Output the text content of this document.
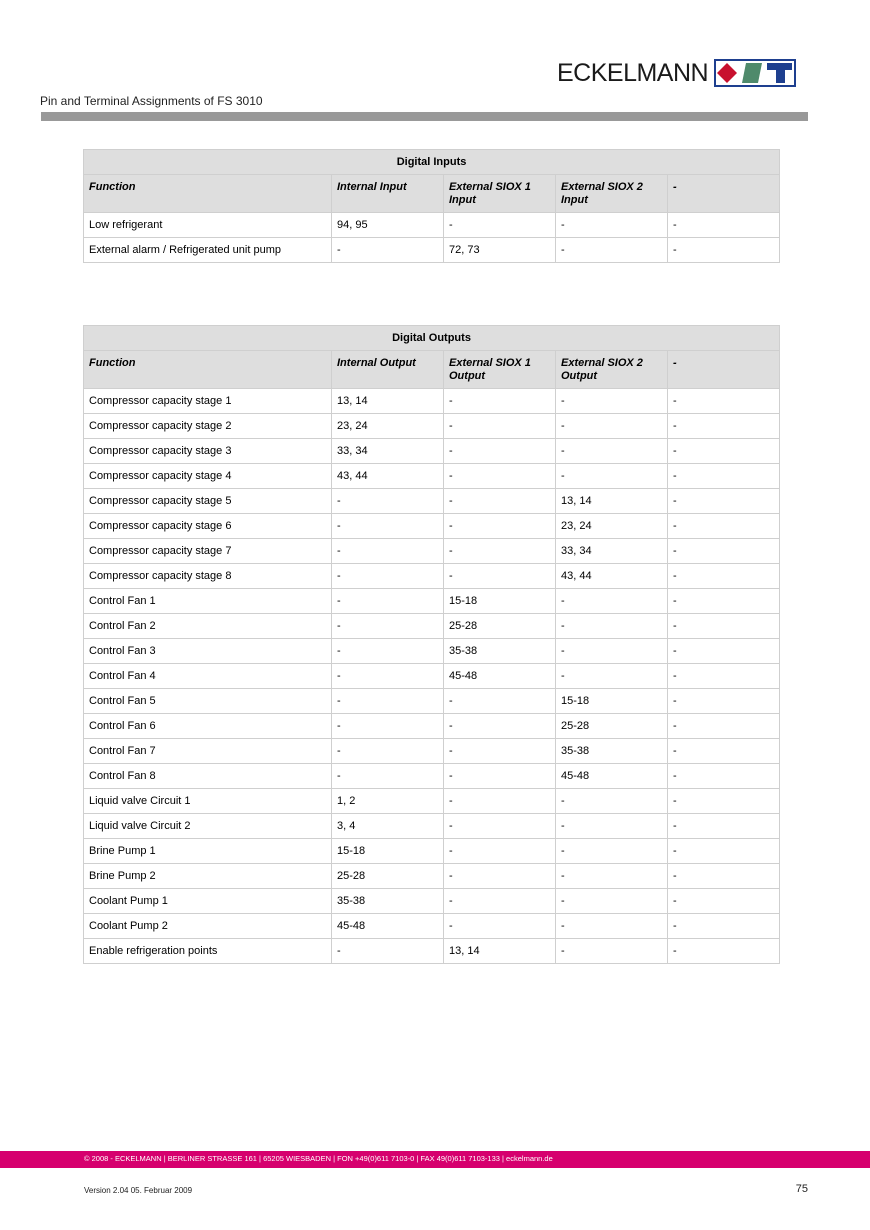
ECKELMANN
Pin and Terminal Assignments of FS 3010
Digital Inputs				
Function	Internal Input	External SIOX 1 Input	External SIOX 2 Input	-
Low refrigerant	94, 95	-	-	-
External alarm / Refrigerated unit pump	-	72, 73	-	-
Digital Outputs				
Function	Internal Output	External SIOX 1 Output	External SIOX 2 Output	-
Compressor capacity stage 1	13, 14	-	-	-
Compressor capacity stage 2	23, 24	-	-	-
Compressor capacity stage 3	33, 34	-	-	-
Compressor capacity stage 4	43, 44	-	-	-
Compressor capacity stage 5	-	-	13, 14	-
Compressor capacity stage 6	-	-	23, 24	-
Compressor capacity stage 7	-	-	33, 34	-
Compressor capacity stage 8	-	-	43, 44	-
Control Fan 1	-	15-18	-	-
Control Fan 2	-	25-28	-	-
Control Fan 3	-	35-38	-	-
Control Fan 4	-	45-48	-	-
Control Fan 5	-	-	15-18	-
Control Fan 6	-	-	25-28	-
Control Fan 7	-	-	35-38	-
Control Fan 8	-	-	45-48	-
Liquid valve Circuit 1	1, 2	-	-	-
Liquid valve Circuit 2	3, 4	-	-	-
Brine Pump 1	15-18	-	-	-
Brine Pump 2	25-28	-	-	-
Coolant Pump 1	35-38	-	-	-
Coolant Pump 2	45-48	-	-	-
Enable refrigeration points	-	13, 14	-	-
© 2008 - ECKELMANN | BERLINER STRASSE 161 | 65205 WIESBADEN | FON +49(0)611 7103-0 | FAX 49(0)611 7103-133 | eckelmann.de
Version 2.04 05. Februar 2009	75
